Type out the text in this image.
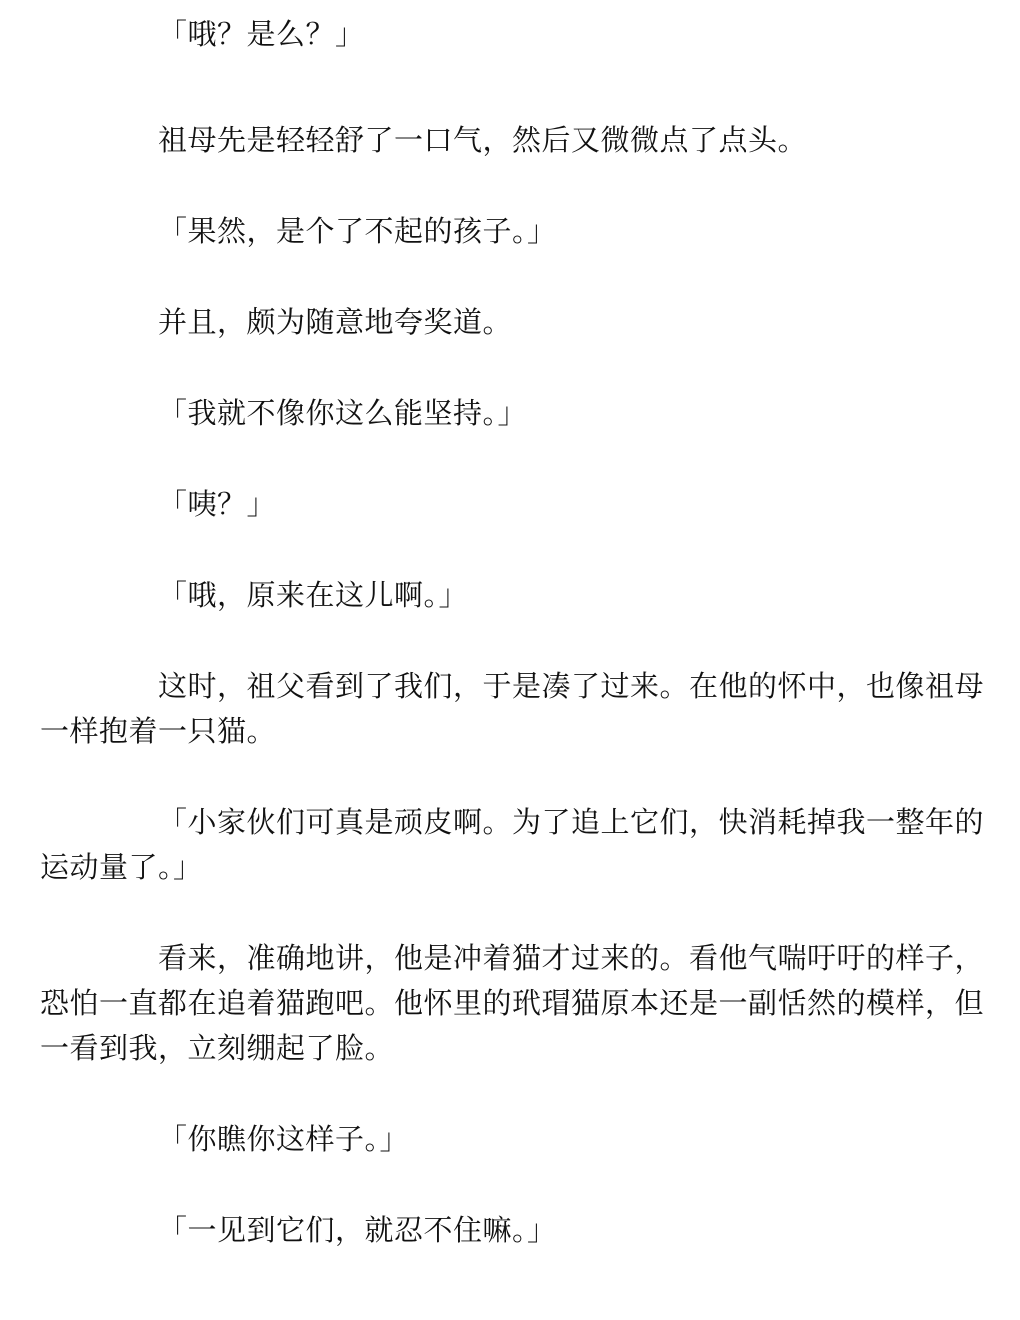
「哦？是么？」

祖母先是轻轻舒了一口气，然后又微微点了点头。

「果然，是个了不起的孩子。」

并且，颇为随意地夸奖道。

「我就不像你这么能坚持。」

「咦？」

「哦，原来在这儿啊。」

这时，祖父看到了我们，于是凑了过来。在他的怀中，也像祖母一样抱着一只猫。

「小家伙们可真是顽皮啊。为了追上它们，快消耗掉我一整年的运动量了。」

看来，准确地讲，他是冲着猫才过来的。看他气喘吁吁的样子，恐怕一直都在追着猫跑吧。他怀里的玳瑁猫原本还是一副恬然的模样，但一看到我，立刻绷起了脸。

「你瞧你这样子。」

「一见到它们，就忍不住嘛。」
